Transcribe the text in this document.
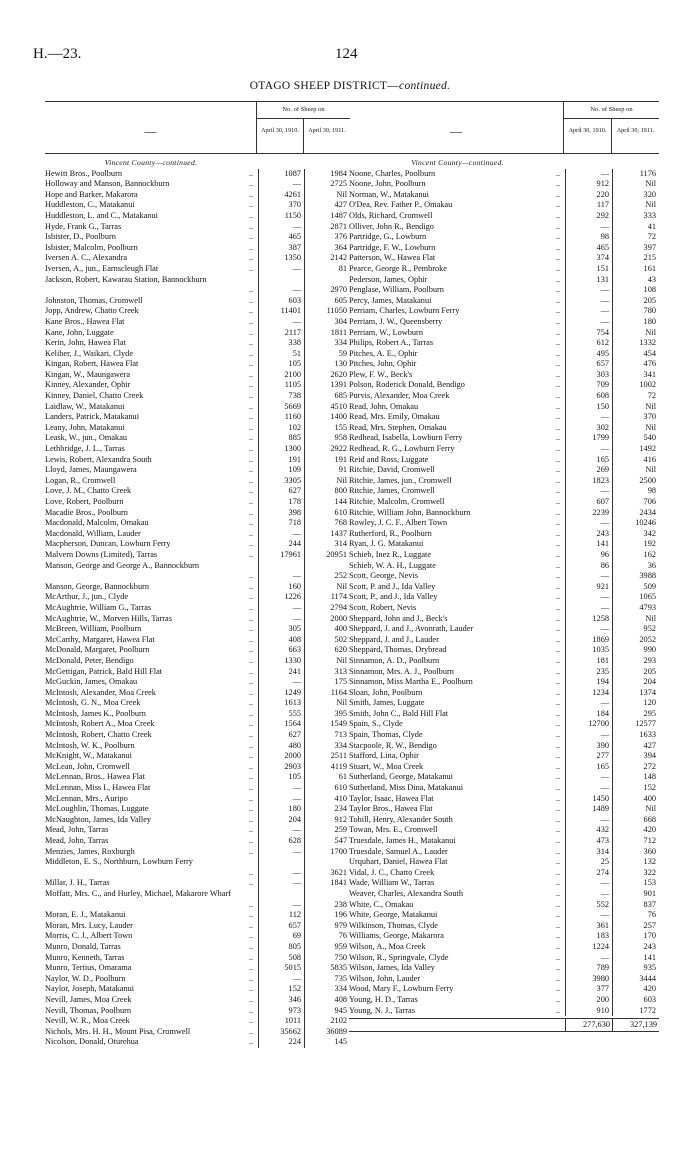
H.—23.	124
OTAGO SHEEP DISTRICT—continued.
—
No. of Sheep on
April 30, 1910.	April 30, 1911.
Vincent County—continued.
Hewitt Bros., Poolburn	..	1087	1984
Holloway and Manson, Bannockburn	..	—	2725
Hope and Barker, Makarora	..	4261	Nil
Huddleston, C., Matakanui	..	370	427
Huddleston, L. and C., Matakanui	..	1150	1487
Hyde, Frank G., Tarras	..	—	2871
Isbister, D., Poolburn	..	465	376
Isbister, Malcolm, Poolburn	..	387	364
Iversen A. C., Alexandra	..	1350	2142
Iversen, A., jun., Earnscleugh Flat	..	—	81
Jackson, Robert, Kawarau Station, Bannockburn
..	—	2970
Johnston, Thomas, Cromwell	..	603	605
Jopp, Andrew, Chatto Creek	..	11401	11050
Kane Bros., Hawea Flat	..	—	304
Kane, John, Luggate	..	2117	1811
Kerin, John, Hawea Flat	..	338	334
Keliher, J., Waikari, Clyde	..	51	59
Kingan, Robert, Hawea Flat	..	105	130
Kingan, W., Maungawera	..	2100	2620
Kinney, Alexander, Ophir	..	1105	1391
Kinney, Daniel, Chatto Creek	..	738	685
Laidlaw, W., Matakanui	..	5669	4510
Landers, Patrick, Matakanui	..	1160	1400
Leany, John, Matakanui	..	102	155
Leask, W., jun., Omakau	..	885	958
Lethbridge, J. L., Tarras	..	1300	2922
Lewis, Robert, Alexandra South	..	191	191
Lloyd, James, Maungawera	..	109	91
Logan, R., Cromwell	..	3305	Nil
Love, J. M., Chatto Creek	..	627	800
Love, Robert, Poolburn	..	178	144
Macadie Bros., Poolburn	..	398	610
Macdonald, Malcolm, Omakau	..	718	768
Macdonald, William, Lauder	..	—	1437
Macpherson, Duncan, Lowburn Ferry	..	244	314
Malvern Downs (Limited), Tarras	..	17961	20951
Manson, George and George A., Bannockburn
..	—	252
Manson, George, Bannockburn	..	160	Nil
McArthur, J., jun., Clyde	..	1226	1174
McAughtrie, William G., Tarras	..	—	2794
McAughtrie, W., Morven Hills, Tarras	..	—	2000
McBreen, William, Poolburn	..	305	400
McCarthy, Margaret, Hawea Flat	..	408	502
McDonald, Margaret, Poolburn	..	663	620
McDonald, Peter, Bendigo	..	1330	Nil
McGettigan, Patrick, Bald Hill Flat	..	241	313
McGuckin, James, Omakau	..	—	175
McIntosh, Alexander, Moa Creek	..	1249	1164
McIntosh, G. N., Moa Creek	..	1613	Nil
McIntosh, James K., Poolburn	..	555	395
McIntosh, Robert A., Moa Creek	..	1564	1549
McIntosh, Robert, Chatto Creek	..	627	713
McIntosh, W. K., Poolburn	..	480	334
McKnight, W., Matakanui	..	2000	2511
McLean, John, Cromwell	..	2903	4119
McLennan, Bros., Hawea Flat	..	105	61
McLennan, Miss I., Hawea Flat	..	—	610
McLennan, Mrs., Auripo	..	—	410
McLoughlin, Thomas, Luggate	..	180	234
McNaughton, James, Ida Valley	..	204	912
Mead, John, Tarras	..	—	259
Mead, John, Tarras	..	628	547
Menzies, James, Roxburgh	..	—	1700
Middleton, E. S., Northburn, Lowburn Ferry
..	—	3621
Millar, J. H., Tarras	..	—	1841
Moffatt, Mrs. C., and Hurley, Michael, Makarore Wharf
..	—	238
Moran, E. J., Matakanui	..	112	196
Moran, Mrs. Lucy, Lauder	..	657	979
Morris, C. J., Albert Town	..	69	76
Munro, Donald, Tarras	..	805	959
Munro, Kenneth, Tarras	..	508	750
Munro, Tertius, Omarama	..	5015	5835
Naylor, W. D., Poolburn	..	—	735
Naylor, Joseph, Matakanui	..	152	334
Nevill, James, Moa Creek	..	346	408
Nevill, Thomas, Poolburn	..	973	945
Nevill, W. R., Moa Creek	..	1011	2102
Nichols, Mrs. H. H., Mount Pisa, Cromwell	..	35662	36089
Nicolson, Donald, Oturehua	..	224	145
—
No. of Sheep on
April 30, 1910.	April 30, 1911.
Vincent County—continued.
Noone, Charles, Poolburn	..	—	1176
Noone, John, Poolburn	..	912	Nil
Norman, W., Matakanui	..	220	320
O'Dea, Rev. Father P., Omakau	..	117	Nil
Olds, Richard, Cromwell	..	292	333
Olliver, John R., Bendigo	..	—	41
Partridge, G., Lowburn	..	98	72
Partridge, F. W., Lowburn	..	465	397
Patterson, W., Hawea Flat	..	374	215
Pearce, George R., Pembroke	..	151	161
Pederson, James, Ophir	..	131	43
Penglase, William, Poolburn	..	—	108
Percy, James, Matakanui	..	—	205
Perriam, Charles, Lowburn Ferry	..	—	780
Perriam, J. W., Queensberry	..	—	180
Perriam, W., Lowburn	..	754	Nil
Philips, Robert A., Tarras	..	612	1332
Pitches, A. E., Ophir	..	495	454
Pitches, John, Ophir	..	657	476
Plew, F. W., Beck's	..	303	341
Polson, Roderick Donald, Bendigo	..	709	1002
Purvis, Alexander, Moa Creek	..	608	72
Read, John, Omakau	..	150	Nil
Read, Mrs. Emily, Omakau	..	—	370
Read, Mrs. Stephen, Omakau	..	302	Nil
Redhead, Isabella, Lowburn Ferry	..	1799	540
Redhead, R. G., Lowburn Ferry	..	—	1492
Reid and Ross, Luggate	..	165	416
Ritchie, David, Cromwell	..	269	Nil
Ritchie, James, jun., Cromwell	..	1823	2500
Ritchie, James, Cromwell	..	—	98
Ritchie, Malcolm, Cromwell	..	607	706
Ritchie, William John, Bannockburn	..	2239	2434
Rowley, J. C. F., Albert Town	..	—	10246
Rutherford, R., Poolburn	..	243	342
Ryan, J. G. Matakanui	..	141	192
Schieb, Inez R., Luggate	..	96	162
Schieb, W. A. H., Luggate	..	86	36
Scott, George, Nevis	..	—	3988
Scott, P. and J., Ida Valley	..	921	509
Scott, P., and J., Ida Valley	..	—	1065
Scott, Robert, Nevis	..	—	4793
Sheppard, John and J., Beck's	..	1258	Nil
Sheppard, J. and J., Avonrath, Lauder	..	—	952
Sheppard, J. and J., Lauder	..	1869	2052
Sheppard, Thomas, Drybread	..	1035	990
Sinnamon, A. D., Poolburn	..	181	293
Sinnamon, Mrs. A. J., Poolburn	..	235	205
Sinnamon, Miss Martha E., Poolburn	..	194	204
Sloan, John, Poolburn	..	1234	1374
Smith, James, Luggate	..	—	120
Smith, John C., Bald Hill Flat	..	184	295
Spain, S., Clyde	..	12700	12577
Spain, Thomas, Clyde	..	—	1633
Stacpoole, R. W., Bendigo	..	390	427
Stafford, Lina, Ophir	..	277	394
Stuart, W., Moa Creek	..	165	272
Sutherland, George, Matakanui	..	—	148
Sutherland, Miss Dina, Matakanui	..	—	152
Taylor, Isaac, Hawea Flat	..	1450	400
Taylor Bros., Hawea Flat	..	1489	Nil
Tohill, Henry, Alexander South	..	—	668
Towan, Mrs. E., Cromwell	..	432	420
Truesdale, James H., Matakanui	..	473	712
Truesdale, Samuel A., Lauder	..	314	360
Urquhart, Daniel, Hawea Flat	..	25	132
Vidal, J. C., Chatto Creek	..	274	322
Wade, William W., Tarras	..	—	153
Weaver, Charles, Alexandra South	..	—	901
White, C., Omakau	..	552	837
White, George, Matakanui	..	—	76
Wilkinson, Thomas, Clyde	..	361	257
Williams, George, Makarora	..	183	170
Wilson, A., Moa Creek	..	1224	243
Wilson, R., Springvale, Clyde	..	—	141
Wilson, James, Ida Valley	..	789	935
Wilson, John, Lauder	..	3980	3444
Wood, Mary F., Lowburn Ferry	..	377	420
Young, H. D., Tarras	..	200	603
Young, N. J., Tarras	..	910	1772
277,630	327,139
